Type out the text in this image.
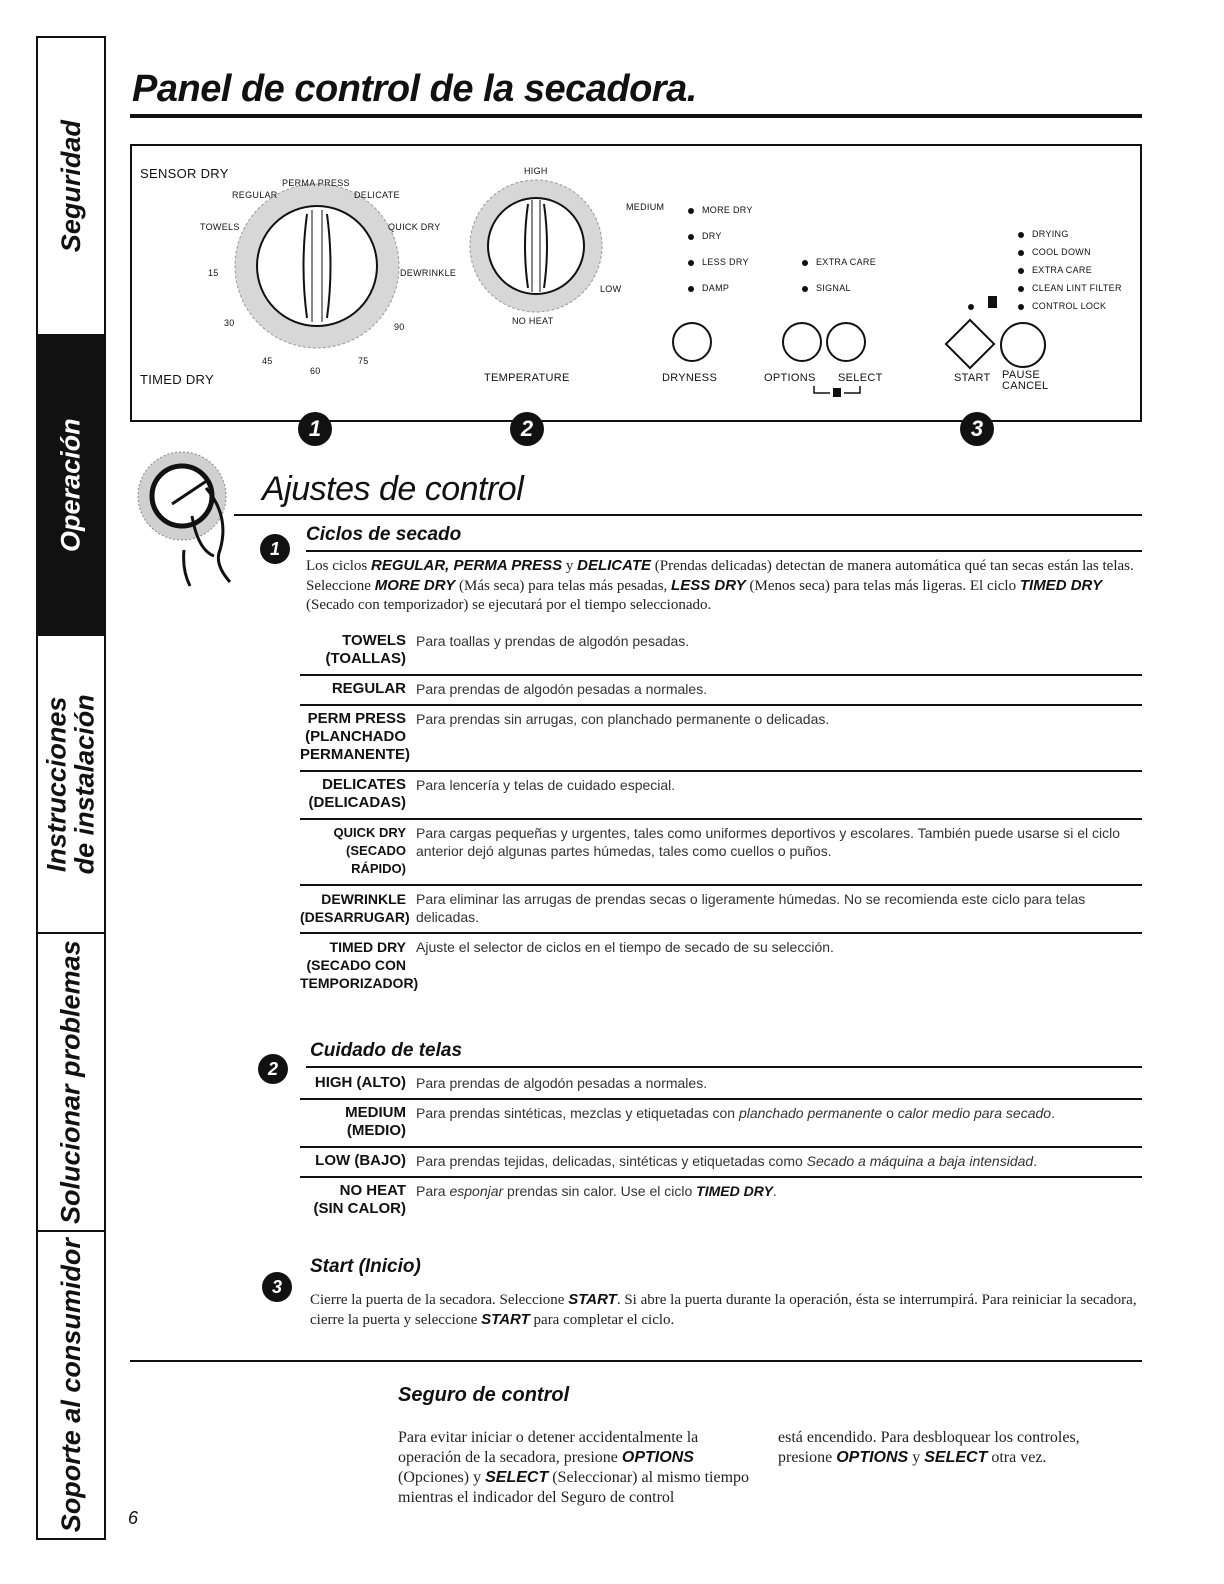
Seguridad
Operación
Instrucciones
de instalación
Solucionar problemas
Soporte al consumidor
Panel de control de la secadora.
SENSOR DRY
TIMED DRY
PERMA PRESS
REGULAR	DELICATE
TOWELS	QUICK DRY
DEWRINKLE
15
30
45
60
75
90
HIGH
MEDIUM
LOW
NO HEAT
TEMPERATURE
MORE DRY
DRY
LESS DRY
DAMP
DRYNESS
EXTRA CARE
SIGNAL
OPTIONS SELECT
DRYING
COOL DOWN
EXTRA CARE
CLEAN LINT FILTER
CONTROL LOCK
START PAUSE
CANCEL
1	2	3
Ajustes de control
1
Ciclos de secado
Los ciclos REGULAR, PERMA PRESS y DELICATE (Prendas delicadas) detectan de manera automática qué tan secas están las telas. Seleccione MORE DRY (Más seca) para telas más pesadas, LESS DRY (Menos seca) para telas más ligeras. El ciclo TIMED DRY (Secado con temporizador) se ejecutará por el tiempo seleccionado.
TOWELS
(TOALLAS)
Para toallas y prendas de algodón pesadas.
REGULAR Para prendas de algodón pesadas a normales.
PERM PRESS
(PLANCHADO
PERMANENTE)
Para prendas sin arrugas, con planchado permanente o delicadas.
DELICATES
(DELICADAS)
Para lencería y telas de cuidado especial.
QUICK DRY
(SECADO RÁPIDO)
Para cargas pequeñas y urgentes, tales como uniformes deportivos y escolares. También puede usarse si el ciclo anterior dejó algunas partes húmedas, tales como cuellos o puños.
DEWRINKLE
(DESARRUGAR)
Para eliminar las arrugas de prendas secas o ligeramente húmedas. No se recomienda este ciclo para telas delicadas.
TIMED DRY
(SECADO CON
TEMPORIZADOR)
Ajuste el selector de ciclos en el tiempo de secado de su selección.
2
Cuidado de telas
HIGH (ALTO) Para prendas de algodón pesadas a normales.
MEDIUM
(MEDIO)
Para prendas sintéticas, mezclas y etiquetadas con planchado permanente o calor medio para secado.
LOW (BAJO) Para prendas tejidas, delicadas, sintéticas y etiquetadas como Secado a máquina a baja intensidad.
NO HEAT
(SIN CALOR)
Para esponjar prendas sin calor. Use el ciclo TIMED DRY.
3
Start (Inicio)
Cierre la puerta de la secadora. Seleccione START. Si abre la puerta durante la operación, ésta se interrumpirá. Para reiniciar la secadora, cierre la puerta y seleccione START para completar el ciclo.
Seguro de control
Para evitar iniciar o detener accidentalmente la operación de la secadora, presione OPTIONS (Opciones) y SELECT (Seleccionar) al mismo tiempo mientras el indicador del Seguro de control
está encendido. Para desbloquear los controles, presione OPTIONS y SELECT otra vez.
6
